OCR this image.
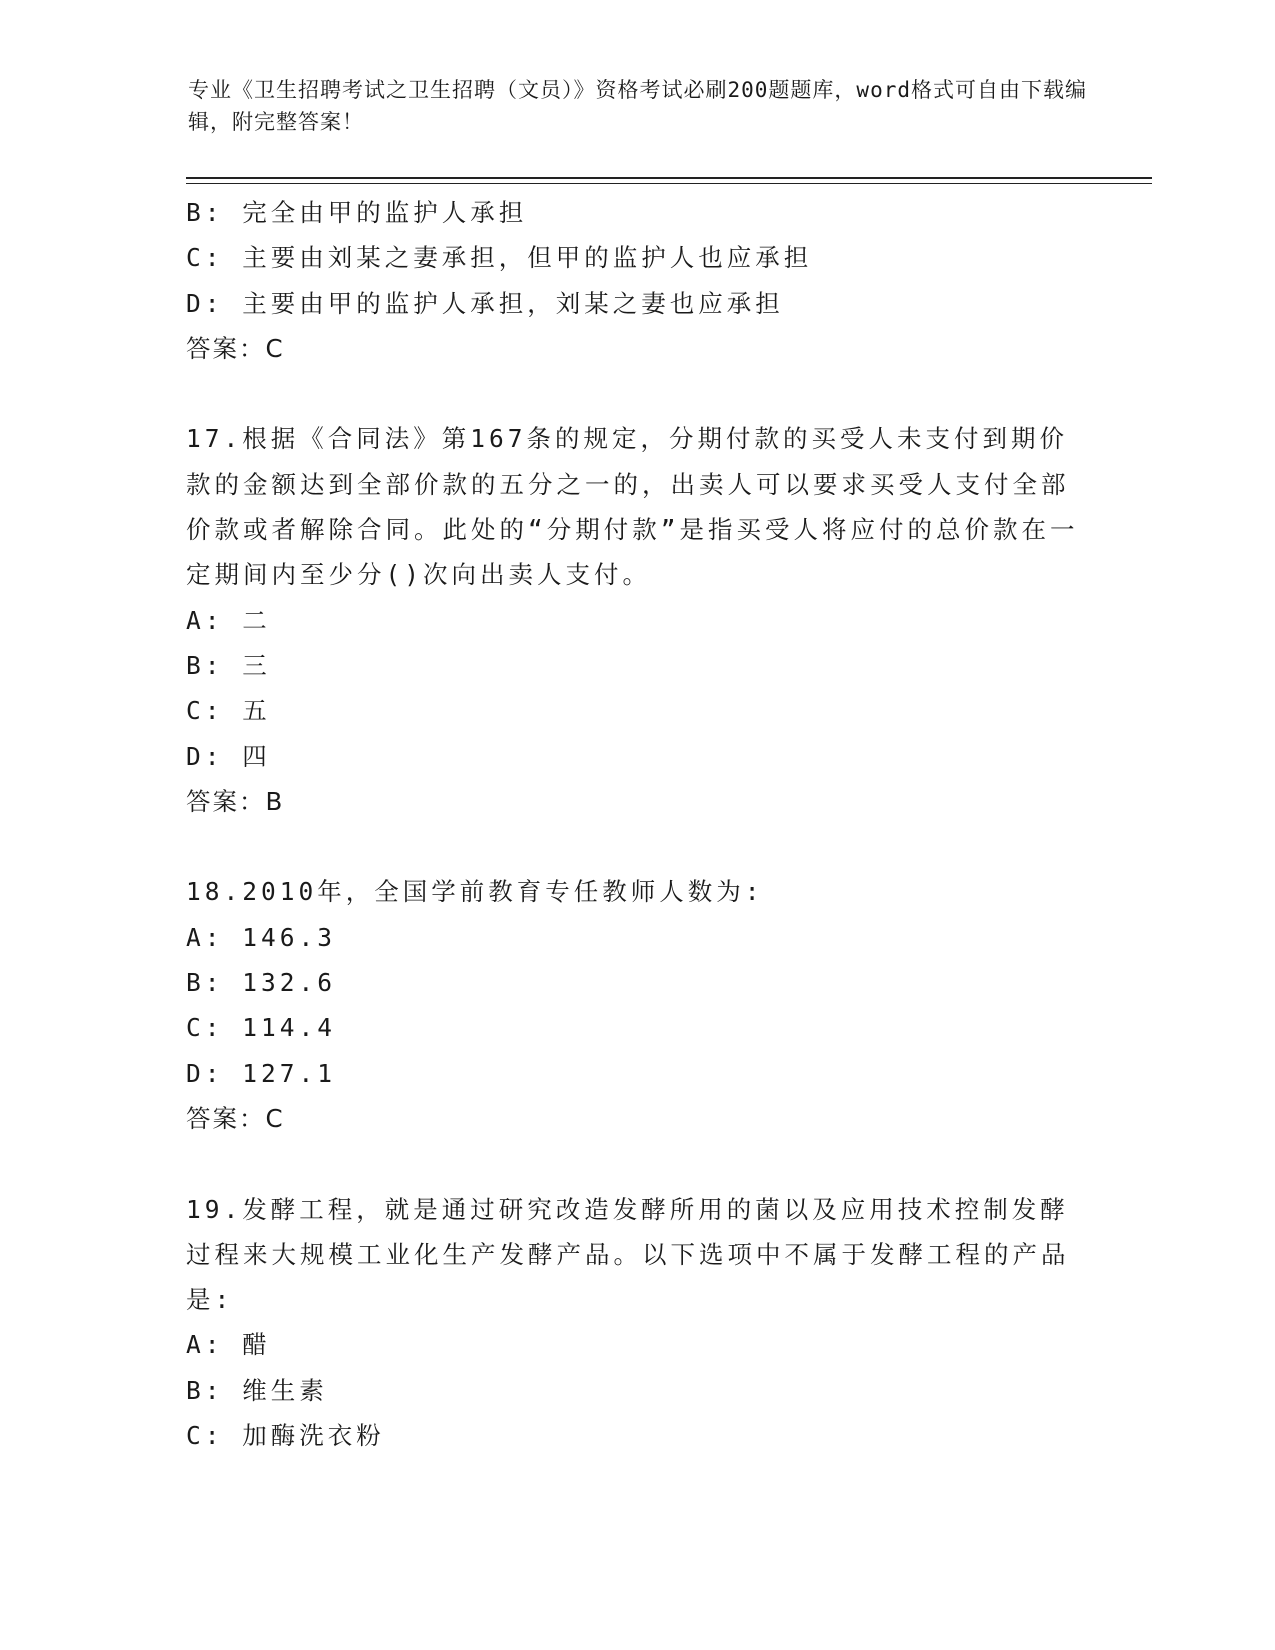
专业《卫生招聘考试之卫生招聘（文员）》资格考试必刷200题题库，word格式可自由下载编辑，附完整答案！
B: 完全由甲的监护人承担
C: 主要由刘某之妻承担，但甲的监护人也应承担
D: 主要由甲的监护人承担，刘某之妻也应承担
答案：C
17.根据《合同法》第167条的规定，分期付款的买受人未支付到期价款的金额达到全部价款的五分之一的，出卖人可以要求买受人支付全部价款或者解除合同。此处的“分期付款”是指买受人将应付的总价款在一定期间内至少分()次向出卖人支付。
A: 二
B: 三
C: 五
D: 四
答案：B
18.2010年，全国学前教育专任教师人数为:
A: 146.3
B: 132.6
C: 114.4
D: 127.1
答案：C
19.发酵工程，就是通过研究改造发酵所用的菌以及应用技术控制发酵过程来大规模工业化生产发酵产品。以下选项中不属于发酵工程的产品是:
A: 醋
B: 维生素
C: 加酶洗衣粉
